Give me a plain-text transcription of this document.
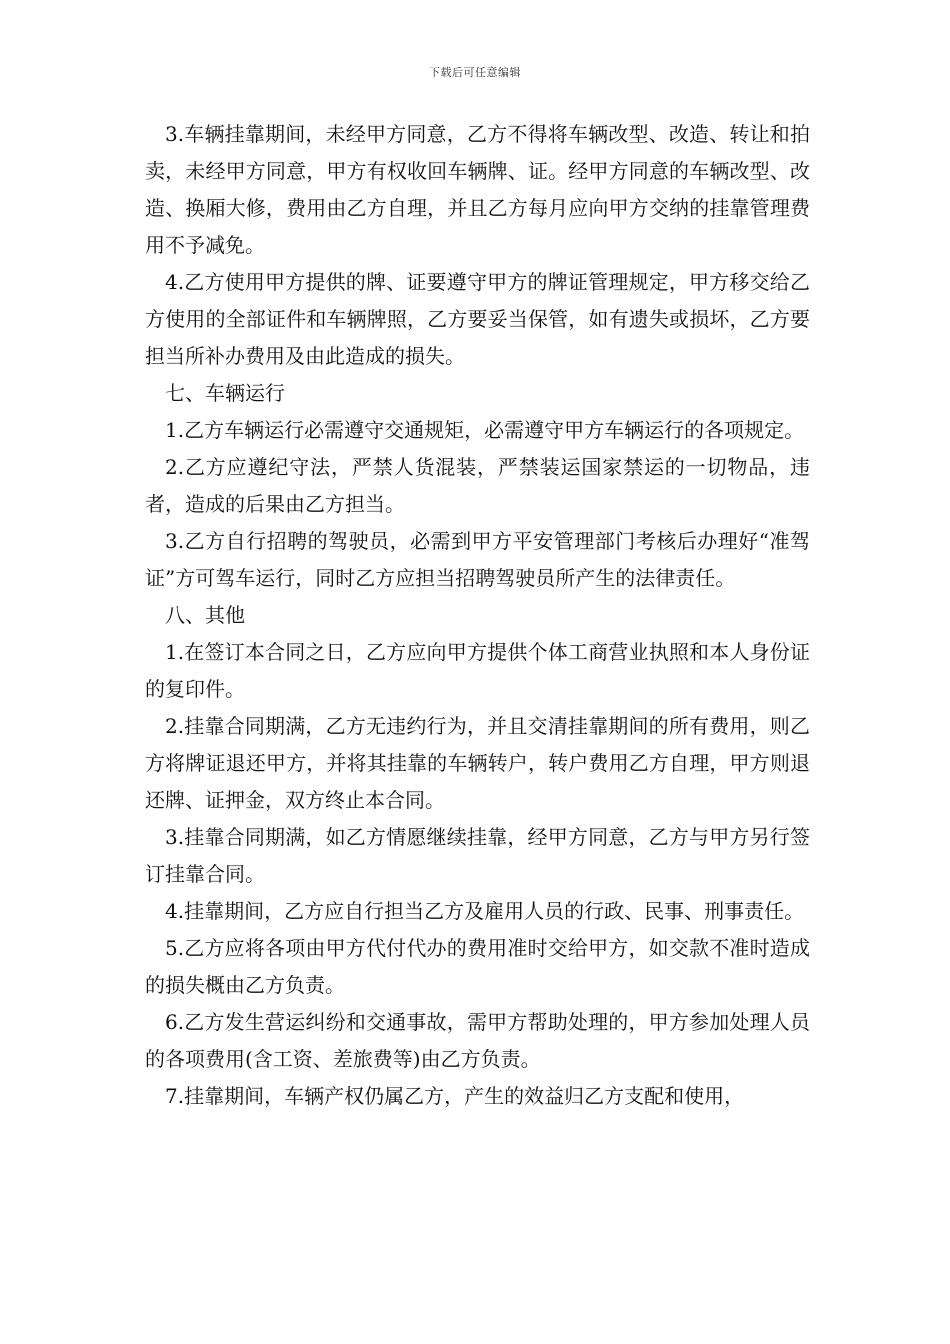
下载后可任意编辑

3.车辆挂靠期间，未经甲方同意，乙方不得将车辆改型、改造、转让和拍卖，未经甲方同意，甲方有权收回车辆牌、证。经甲方同意的车辆改型、改造、换厢大修，费用由乙方自理，并且乙方每月应向甲方交纳的挂靠管理费用不予减免。

4.乙方使用甲方提供的牌、证要遵守甲方的牌证管理规定，甲方移交给乙方使用的全部证件和车辆牌照，乙方要妥当保管，如有遗失或损坏，乙方要担当所补办费用及由此造成的损失。

七、车辆运行

1.乙方车辆运行必需遵守交通规矩，必需遵守甲方车辆运行的各项规定。

2.乙方应遵纪守法，严禁人货混装，严禁装运国家禁运的一切物品，违者，造成的后果由乙方担当。

3.乙方自行招聘的驾驶员，必需到甲方平安管理部门考核后办理好“准驾证”方可驾车运行，同时乙方应担当招聘驾驶员所产生的法律责任。

八、其他

1.在签订本合同之日，乙方应向甲方提供个体工商营业执照和本人身份证的复印件。

2.挂靠合同期满，乙方无违约行为，并且交清挂靠期间的所有费用，则乙方将牌证退还甲方，并将其挂靠的车辆转户，转户费用乙方自理，甲方则退还牌、证押金，双方终止本合同。

3.挂靠合同期满，如乙方情愿继续挂靠，经甲方同意，乙方与甲方另行签订挂靠合同。

4.挂靠期间，乙方应自行担当乙方及雇用人员的行政、民事、刑事责任。

5.乙方应将各项由甲方代付代办的费用准时交给甲方，如交款不准时造成的损失概由乙方负责。

6.乙方发生营运纠纷和交通事故，需甲方帮助处理的，甲方参加处理人员的各项费用(含工资、差旅费等)由乙方负责。

7.挂靠期间，车辆产权仍属乙方，产生的效益归乙方支配和使用，
